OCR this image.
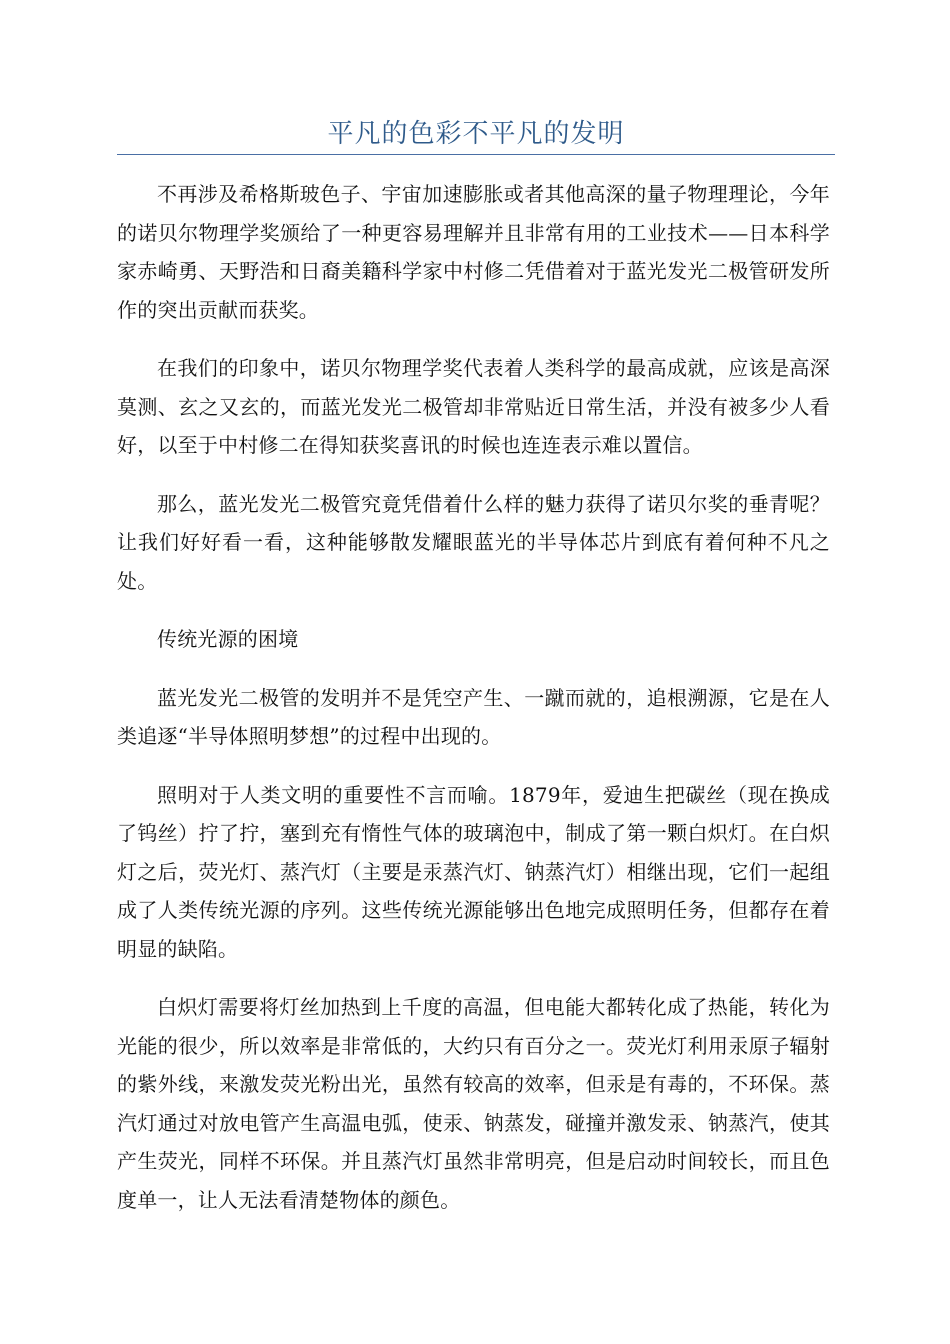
平凡的色彩不平凡的发明

不再涉及希格斯玻色子、宇宙加速膨胀或者其他高深的量子物理理论，今年的诺贝尔物理学奖颁给了一种更容易理解并且非常有用的工业技术——日本科学家赤崎勇、天野浩和日裔美籍科学家中村修二凭借着对于蓝光发光二极管研发所作的突出贡献而获奖。

在我们的印象中，诺贝尔物理学奖代表着人类科学的最高成就，应该是高深莫测、玄之又玄的，而蓝光发光二极管却非常贴近日常生活，并没有被多少人看好，以至于中村修二在得知获奖喜讯的时候也连连表示难以置信。

那么，蓝光发光二极管究竟凭借着什么样的魅力获得了诺贝尔奖的垂青呢？让我们好好看一看，这种能够散发耀眼蓝光的半导体芯片到底有着何种不凡之处。

传统光源的困境

蓝光发光二极管的发明并不是凭空产生、一蹴而就的，追根溯源，它是在人类追逐“半导体照明梦想”的过程中出现的。

照明对于人类文明的重要性不言而喻。1879年，爱迪生把碳丝（现在换成了钨丝）拧了拧，塞到充有惰性气体的玻璃泡中，制成了第一颗白炽灯。在白炽灯之后，荧光灯、蒸汽灯（主要是汞蒸汽灯、钠蒸汽灯）相继出现，它们一起组成了人类传统光源的序列。这些传统光源能够出色地完成照明任务，但都存在着明显的缺陷。

白炽灯需要将灯丝加热到上千度的高温，但电能大都转化成了热能，转化为光能的很少，所以效率是非常低的，大约只有百分之一。荧光灯利用汞原子辐射的紫外线，来激发荧光粉出光，虽然有较高的效率，但汞是有毒的，不环保。蒸汽灯通过对放电管产生高温电弧，使汞、钠蒸发，碰撞并激发汞、钠蒸汽，使其产生荧光，同样不环保。并且蒸汽灯虽然非常明亮，但是启动时间较长，而且色度单一，让人无法看清楚物体的颜色。
